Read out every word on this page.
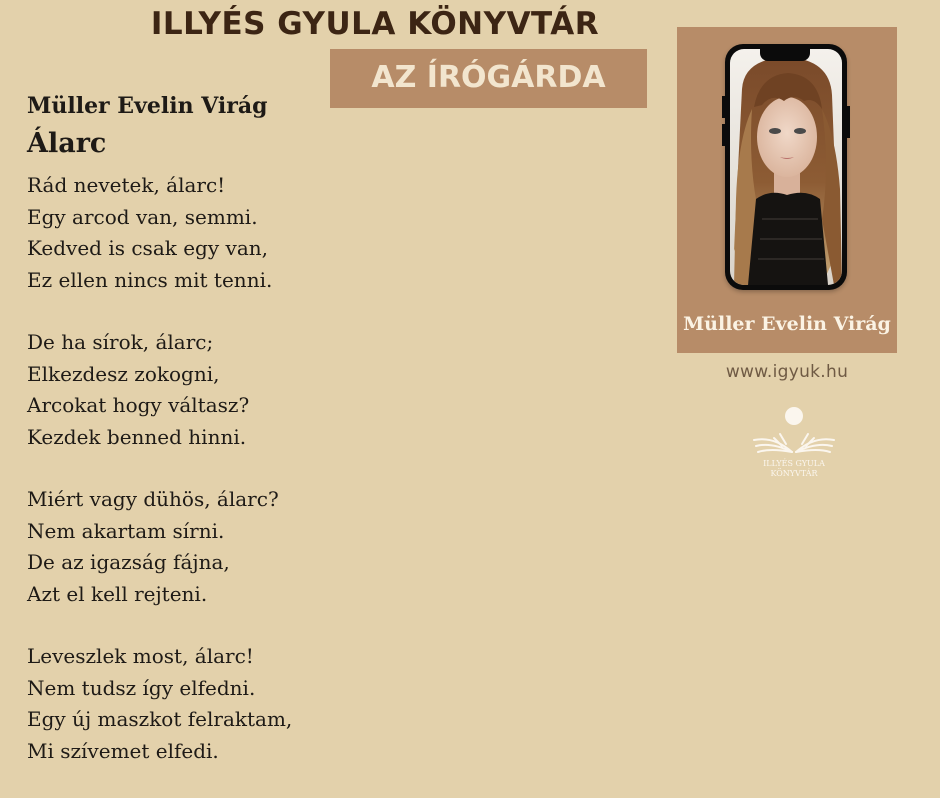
ILLYÉS GYULA KÖNYVTÁR
AZ ÍRÓGÁRDA
Müller Evelin Virág
Álarc
Rád nevetek, álarc!
Egy arcod van, semmi.
Kedved is csak egy van,
Ez ellen nincs mit tenni.
De ha sírok, álarc;
Elkezdesz zokogni,
Arcokat hogy váltasz?
Kezdek benned hinni.
Miért vagy dühös, álarc?
Nem akartam sírni.
De az igazság fájna,
Azt el kell rejteni.
Leveszlek most, álarc!
Nem tudsz így elfedni.
Egy új maszkot felraktam,
Mi szívemet elfedi.
Müller Evelin Virág
www.igyuk.hu
ILLYÉS GYULA
KÖNYVTÁR
